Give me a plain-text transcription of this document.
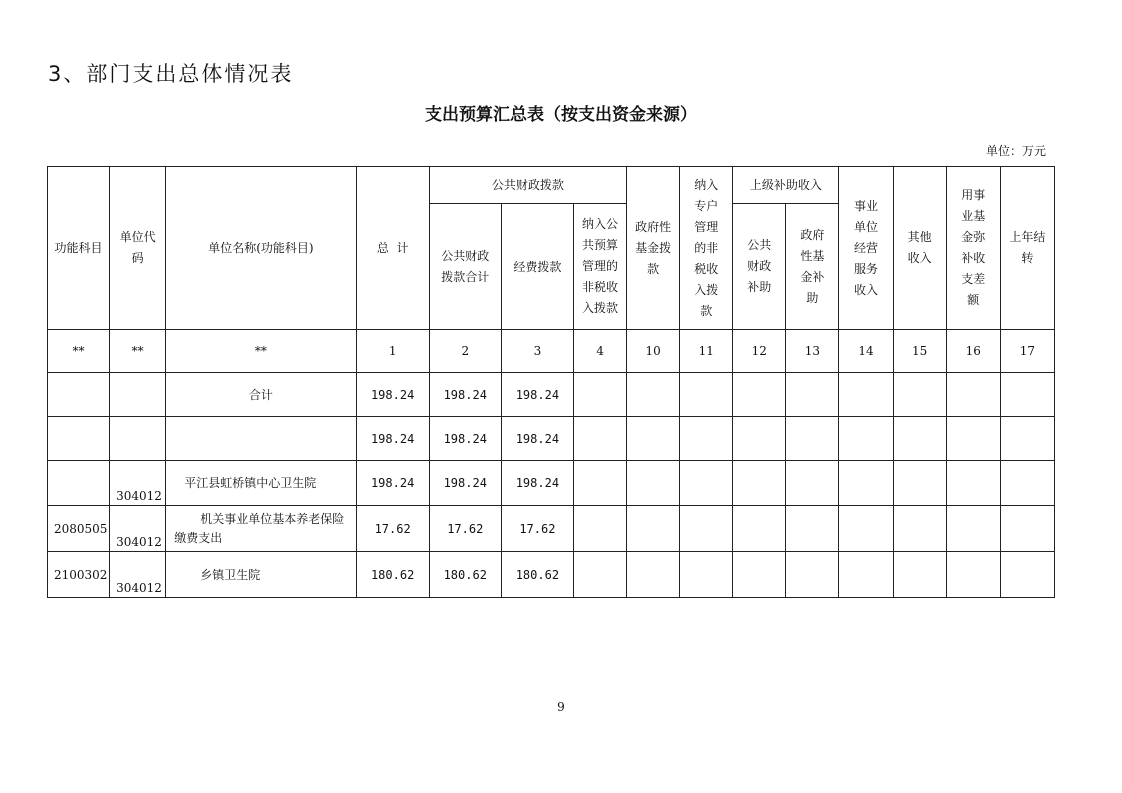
3、部门支出总体情况表
支出预算汇总表（按支出资金来源）
单位：万元
功能科目	单位代码	单位名称(功能科目)	总  计	公共财政拨款			政府性基金拨款	纳入专户管理的非税收入拨款	上级补助收入		事业单位经营服务收入	其他收入	用事业基金弥补收支差额	上年结转
				公共财政拨款合计	经费拨款	纳入公共预算管理的非税收入拨款			公共财政补助	政府性基金补助				
**	**	**	1	2	3	4	10	11	12	13	14	15	16	17
		合计	198.24	198.24	198.24									
			198.24	198.24	198.24									

	304012	平江县虹桥镇中心卫生院	198.24	198.24	198.24									
2080505	304012	机关事业单位基本养老保险缴费支出	17.62	17.62	17.62									
2100302	304012	乡镇卫生院	180.62	180.62	180.62									
9
